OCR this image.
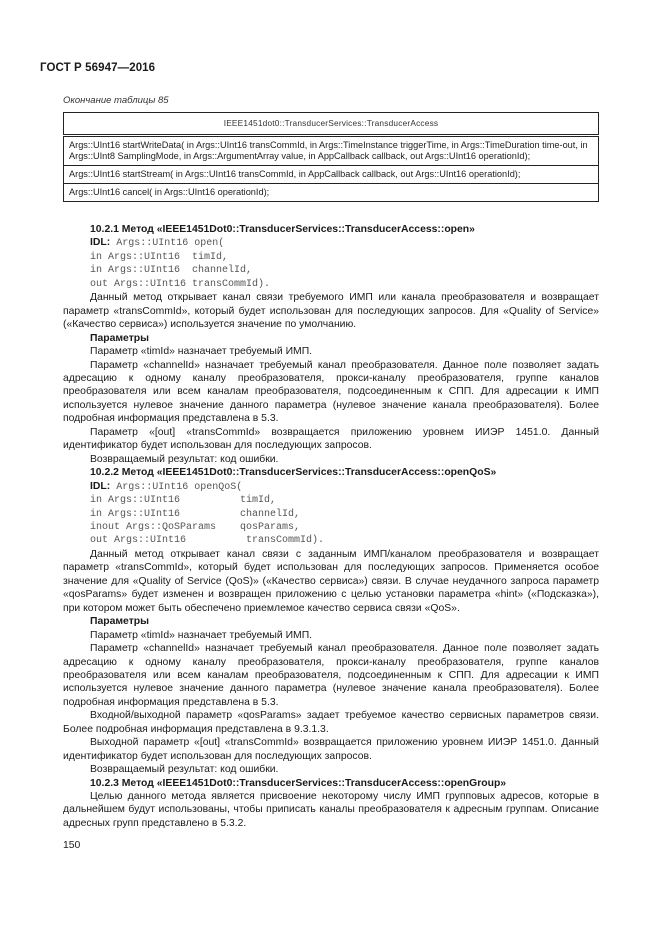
ГОСТ Р 56947—2016
Окончание таблицы 85
IEEE1451dot0::TransducerServices::TransducerAccess
Args::UInt16 startWriteData( in Args::UInt16 transCommId, in Args::TimeInstance triggerTime, in Args::TimeDuration time-out, in Args::UInt8 SamplingMode, in Args::ArgumentArray value, in AppCallback callback, out Args::UInt16 operationId);
Args::UInt16 startStream( in Args::UInt16 transCommId, in AppCallback callback, out Args::UInt16 operationId);
Args::UInt16 cancel( in Args::UInt16 operationId);
10.2.1 Метод «IEEE1451Dot0::TransducerServices::TransducerAccess::open»
IDL: Args::UInt16 open(
in Args::UInt16  timId,
in Args::UInt16  channelId,
out Args::UInt16 transCommId).

Данный метод открывает канал связи требуемого ИМП или канала преобразователя и возвращает параметр «transCommId», который будет использован для последующих запросов. Для «Quality of Service» («Качество сервиса») используется значение по умолчанию.

Параметры

Параметр «timId» назначает требуемый ИМП.

Параметр «channelId» назначает требуемый канал преобразователя. Данное поле позволяет задать адресацию к одному каналу преобразователя, прокси-каналу преобразователя, группе каналов преобразователя или всем каналам преобразователя, подсоединенным к СПП. Для адресации к ИМП используется нулевое значение данного параметра (нулевое значение канала преобразователя). Более подробная информация представлена в 5.3.

Параметр «[out] «transCommId» возвращается приложению уровнем ИИЭР 1451.0. Данный идентификатор будет использован для последующих запросов.

Возвращаемый результат: код ошибки.

10.2.2 Метод «IEEE1451Dot0::TransducerServices::TransducerAccess::openQoS»
IDL: Args::UInt16 openQoS(
in Args::UInt16          timId,
in Args::UInt16          channelId,
inout Args::QoSParams    qosParams,
out Args::UInt16          transCommId).

Данный метод открывает канал связи с заданным ИМП/каналом преобразователя и возвращает параметр «transCommId», который будет использован для последующих запросов. Применяется особое значение для «Quality of Service (QoS)» («Качество сервиса») связи. В случае неудачного запроса параметр «qosParams» будет изменен и возвращен приложению с целью установки параметра «hint» («Подсказка»), при котором может быть обеспечено приемлемое качество сервиса связи «QoS».

Параметры

Параметр «timId» назначает требуемый ИМП.

Параметр «channelId» назначает требуемый канал преобразователя. Данное поле позволяет задать адресацию к одному каналу преобразователя, прокси-каналу преобразователя, группе каналов преобразователя или всем каналам преобразователя, подсоединенным к СПП. Для адресации к ИМП используется нулевое значение данного параметра (нулевое значение канала преобразователя). Более подробная информация представлена в 5.3.

Входной/выходной параметр «qosParams» задает требуемое качество сервисных параметров связи. Более подробная информация представлена в 9.3.1.3.

Выходной параметр «[out] «transCommId» возвращается приложению уровнем ИИЭР 1451.0. Данный идентификатор будет использован для последующих запросов.

Возвращаемый результат: код ошибки.

10.2.3 Метод «IEEE1451Dot0::TransducerServices::TransducerAccess::openGroup»

Целью данного метода является присвоение некоторому числу ИМП групповых адресов, которые в дальнейшем будут использованы, чтобы приписать каналы преобразователя к адресным группам. Описание адресных групп представлено в 5.3.2.

150
